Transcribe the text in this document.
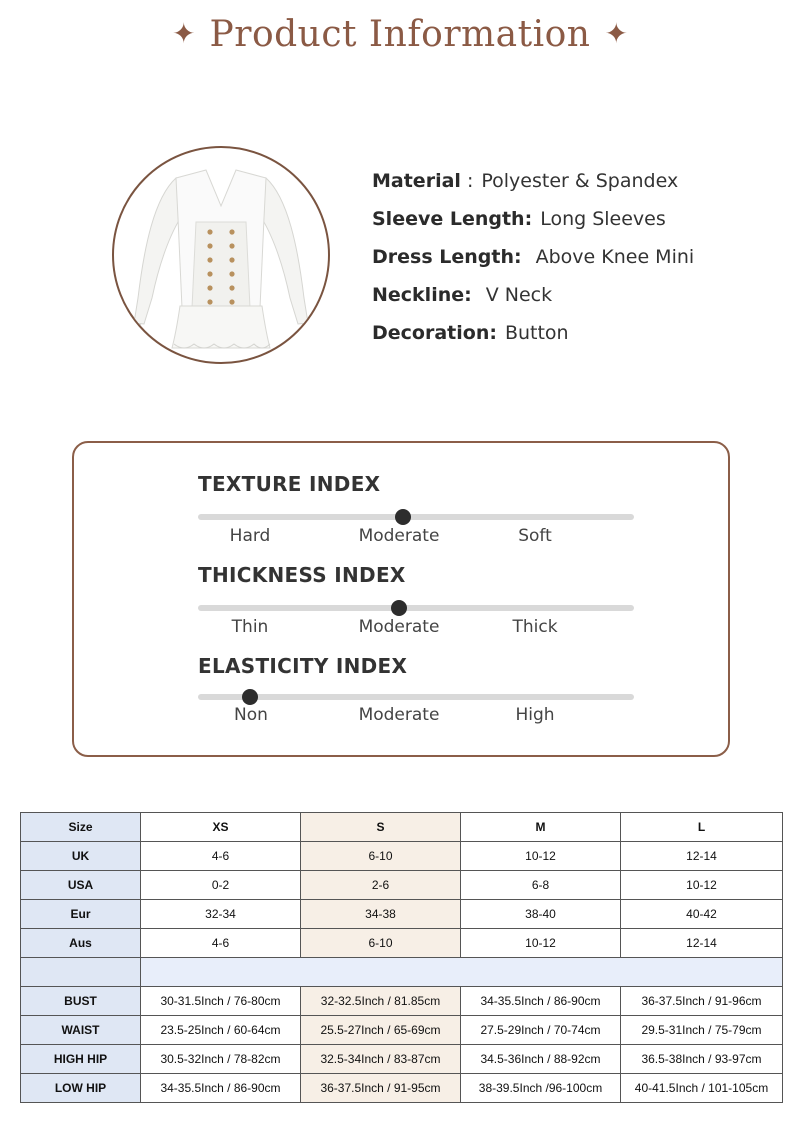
✦ Product Information ✦
Material : Polyester & Spandex
Sleeve Length: Long Sleeves
Dress Length: Above Knee Mini
Neckline: V Neck
Decoration: Button
TEXTURE INDEX
Hard	Moderate	Soft
THICKNESS INDEX
Thin	Moderate	Thick
ELASTICITY INDEX
Non	Moderate	High
Size	XS	S	M	L
UK	4-6	6-10	10-12	12-14
USA	0-2	2-6	6-8	10-12
Eur	32-34	34-38	38-40	40-42
Aus	4-6	6-10	10-12	12-14

BUST	30-31.5Inch / 76-80cm	32-32.5Inch / 81.85cm	34-35.5Inch / 86-90cm	36-37.5Inch / 91-96cm
WAIST	23.5-25Inch / 60-64cm	25.5-27Inch / 65-69cm	27.5-29Inch / 70-74cm	29.5-31Inch / 75-79cm
HIGH HIP	30.5-32Inch / 78-82cm	32.5-34Inch / 83-87cm	34.5-36Inch / 88-92cm	36.5-38Inch / 93-97cm
LOW HIP	34-35.5Inch / 86-90cm	36-37.5Inch / 91-95cm	38-39.5Inch /96-100cm	40-41.5Inch / 101-105cm
